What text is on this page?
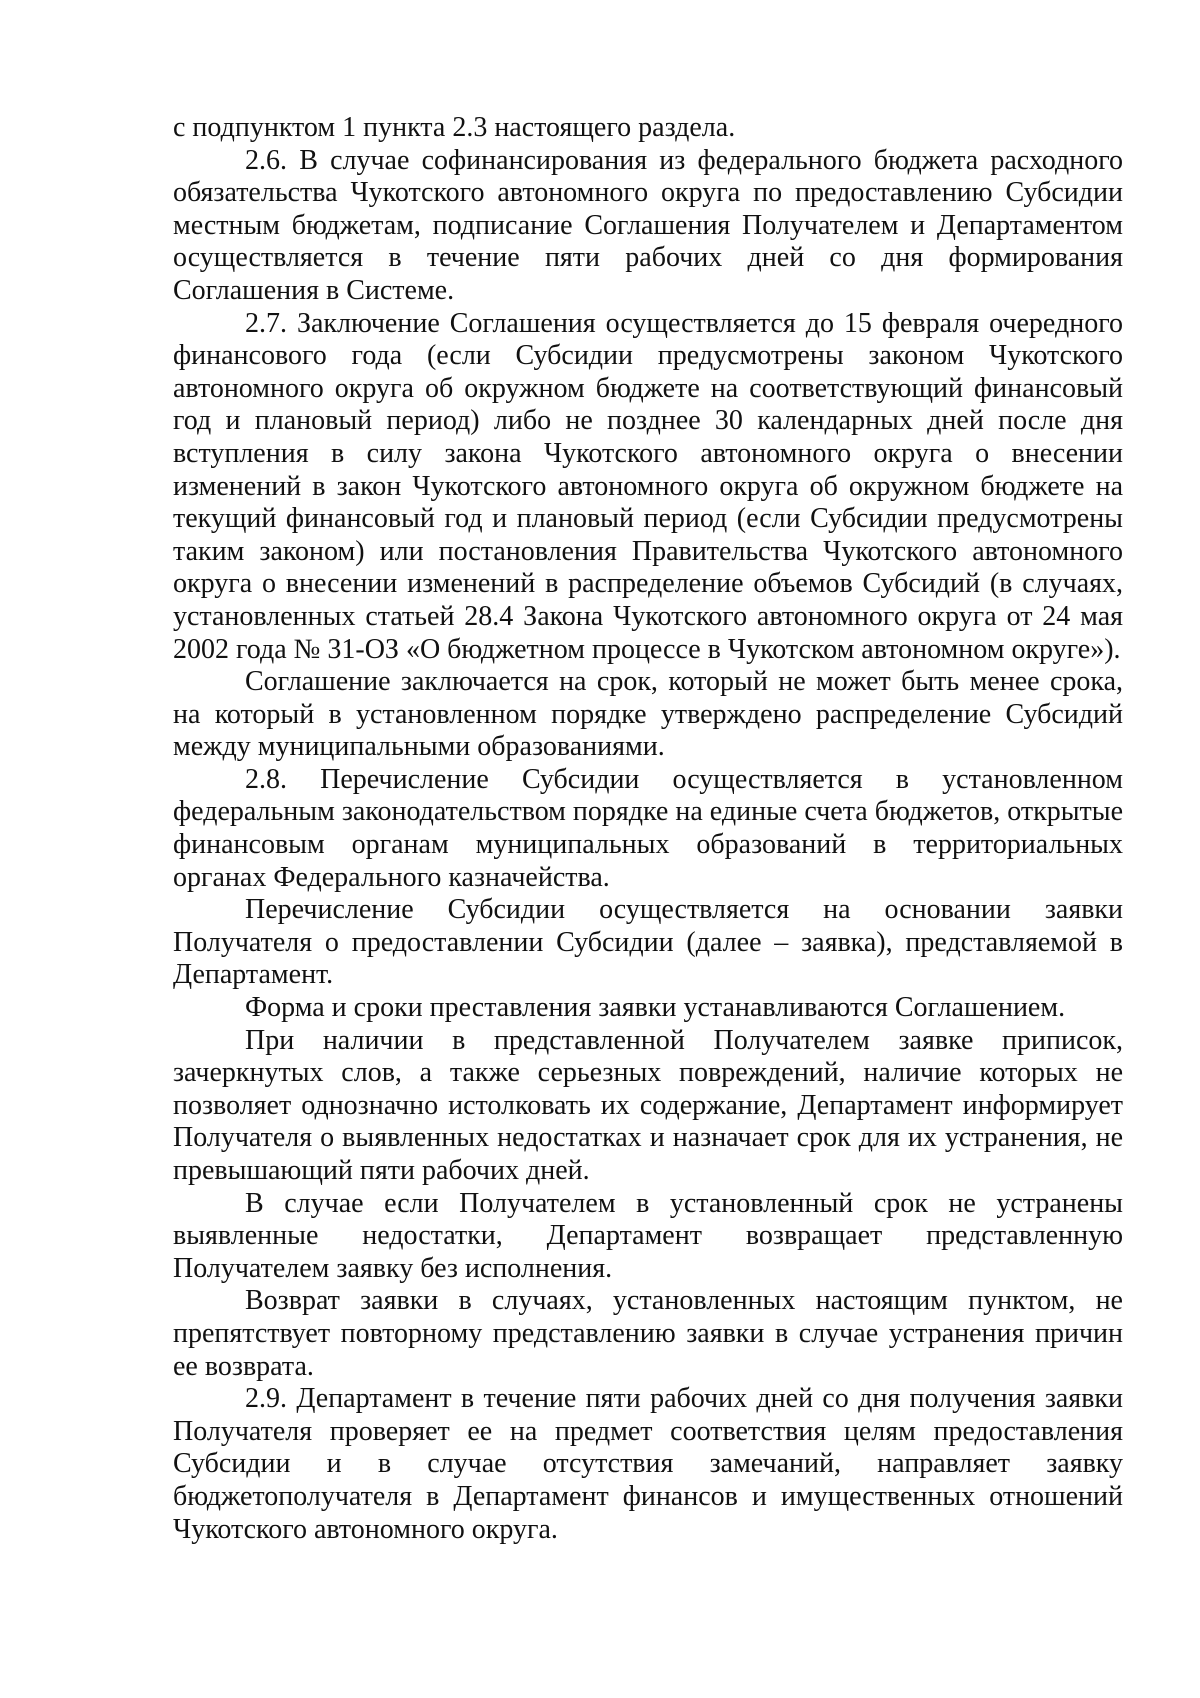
с подпунктом 1 пункта 2.3 настоящего раздела.

2.6. В случае софинансирования из федерального бюджета расходного обязательства Чукотского автономного округа по предоставлению Субсидии местным бюджетам, подписание Соглашения Получателем и Департаментом осуществляется в течение пяти рабочих дней со дня формирования Соглашения в Системе.

2.7. Заключение Соглашения осуществляется до 15 февраля очередного финансового года (если Субсидии предусмотрены законом Чукотского автономного округа об окружном бюджете на соответствующий финансовый год и плановый период) либо не позднее 30 календарных дней после дня вступления в силу закона Чукотского автономного округа о внесении изменений в закон Чукотского автономного округа об окружном бюджете на текущий финансовый год и плановый период (если Субсидии предусмотрены таким законом) или постановления Правительства Чукотского автономного округа о внесении изменений в распределение объемов Субсидий (в случаях, установленных статьей 28.4 Закона Чукотского автономного округа от 24 мая 2002 года № 31-ОЗ «О бюджетном процессе в Чукотском автономном округе»).

Соглашение заключается на срок, который не может быть менее срока, на который в установленном порядке утверждено распределение Субсидий между муниципальными образованиями.

2.8. Перечисление Субсидии осуществляется в установленном федеральным законодательством порядке на единые счета бюджетов, открытые финансовым органам муниципальных образований в территориальных органах Федерального казначейства.

Перечисление Субсидии осуществляется на основании заявки Получателя о предоставлении Субсидии (далее – заявка), представляемой в Департамент.

Форма и сроки преставления заявки устанавливаются Соглашением.

При наличии в представленной Получателем заявке приписок, зачеркнутых слов, а также серьезных повреждений, наличие которых не позволяет однозначно истолковать их содержание, Департамент информирует Получателя о выявленных недостатках и назначает срок для их устранения, не превышающий пяти рабочих дней.

В случае если Получателем в установленный срок не устранены выявленные недостатки, Департамент возвращает представленную Получателем заявку без исполнения.

Возврат заявки в случаях, установленных настоящим пунктом, не препятствует повторному представлению заявки в случае устранения причин ее возврата.

2.9. Департамент в течение пяти рабочих дней со дня получения заявки Получателя проверяет ее на предмет соответствия целям предоставления Субсидии и в случае отсутствия замечаний, направляет заявку бюджетополучателя в Департамент финансов и имущественных отношений Чукотского автономного округа.
